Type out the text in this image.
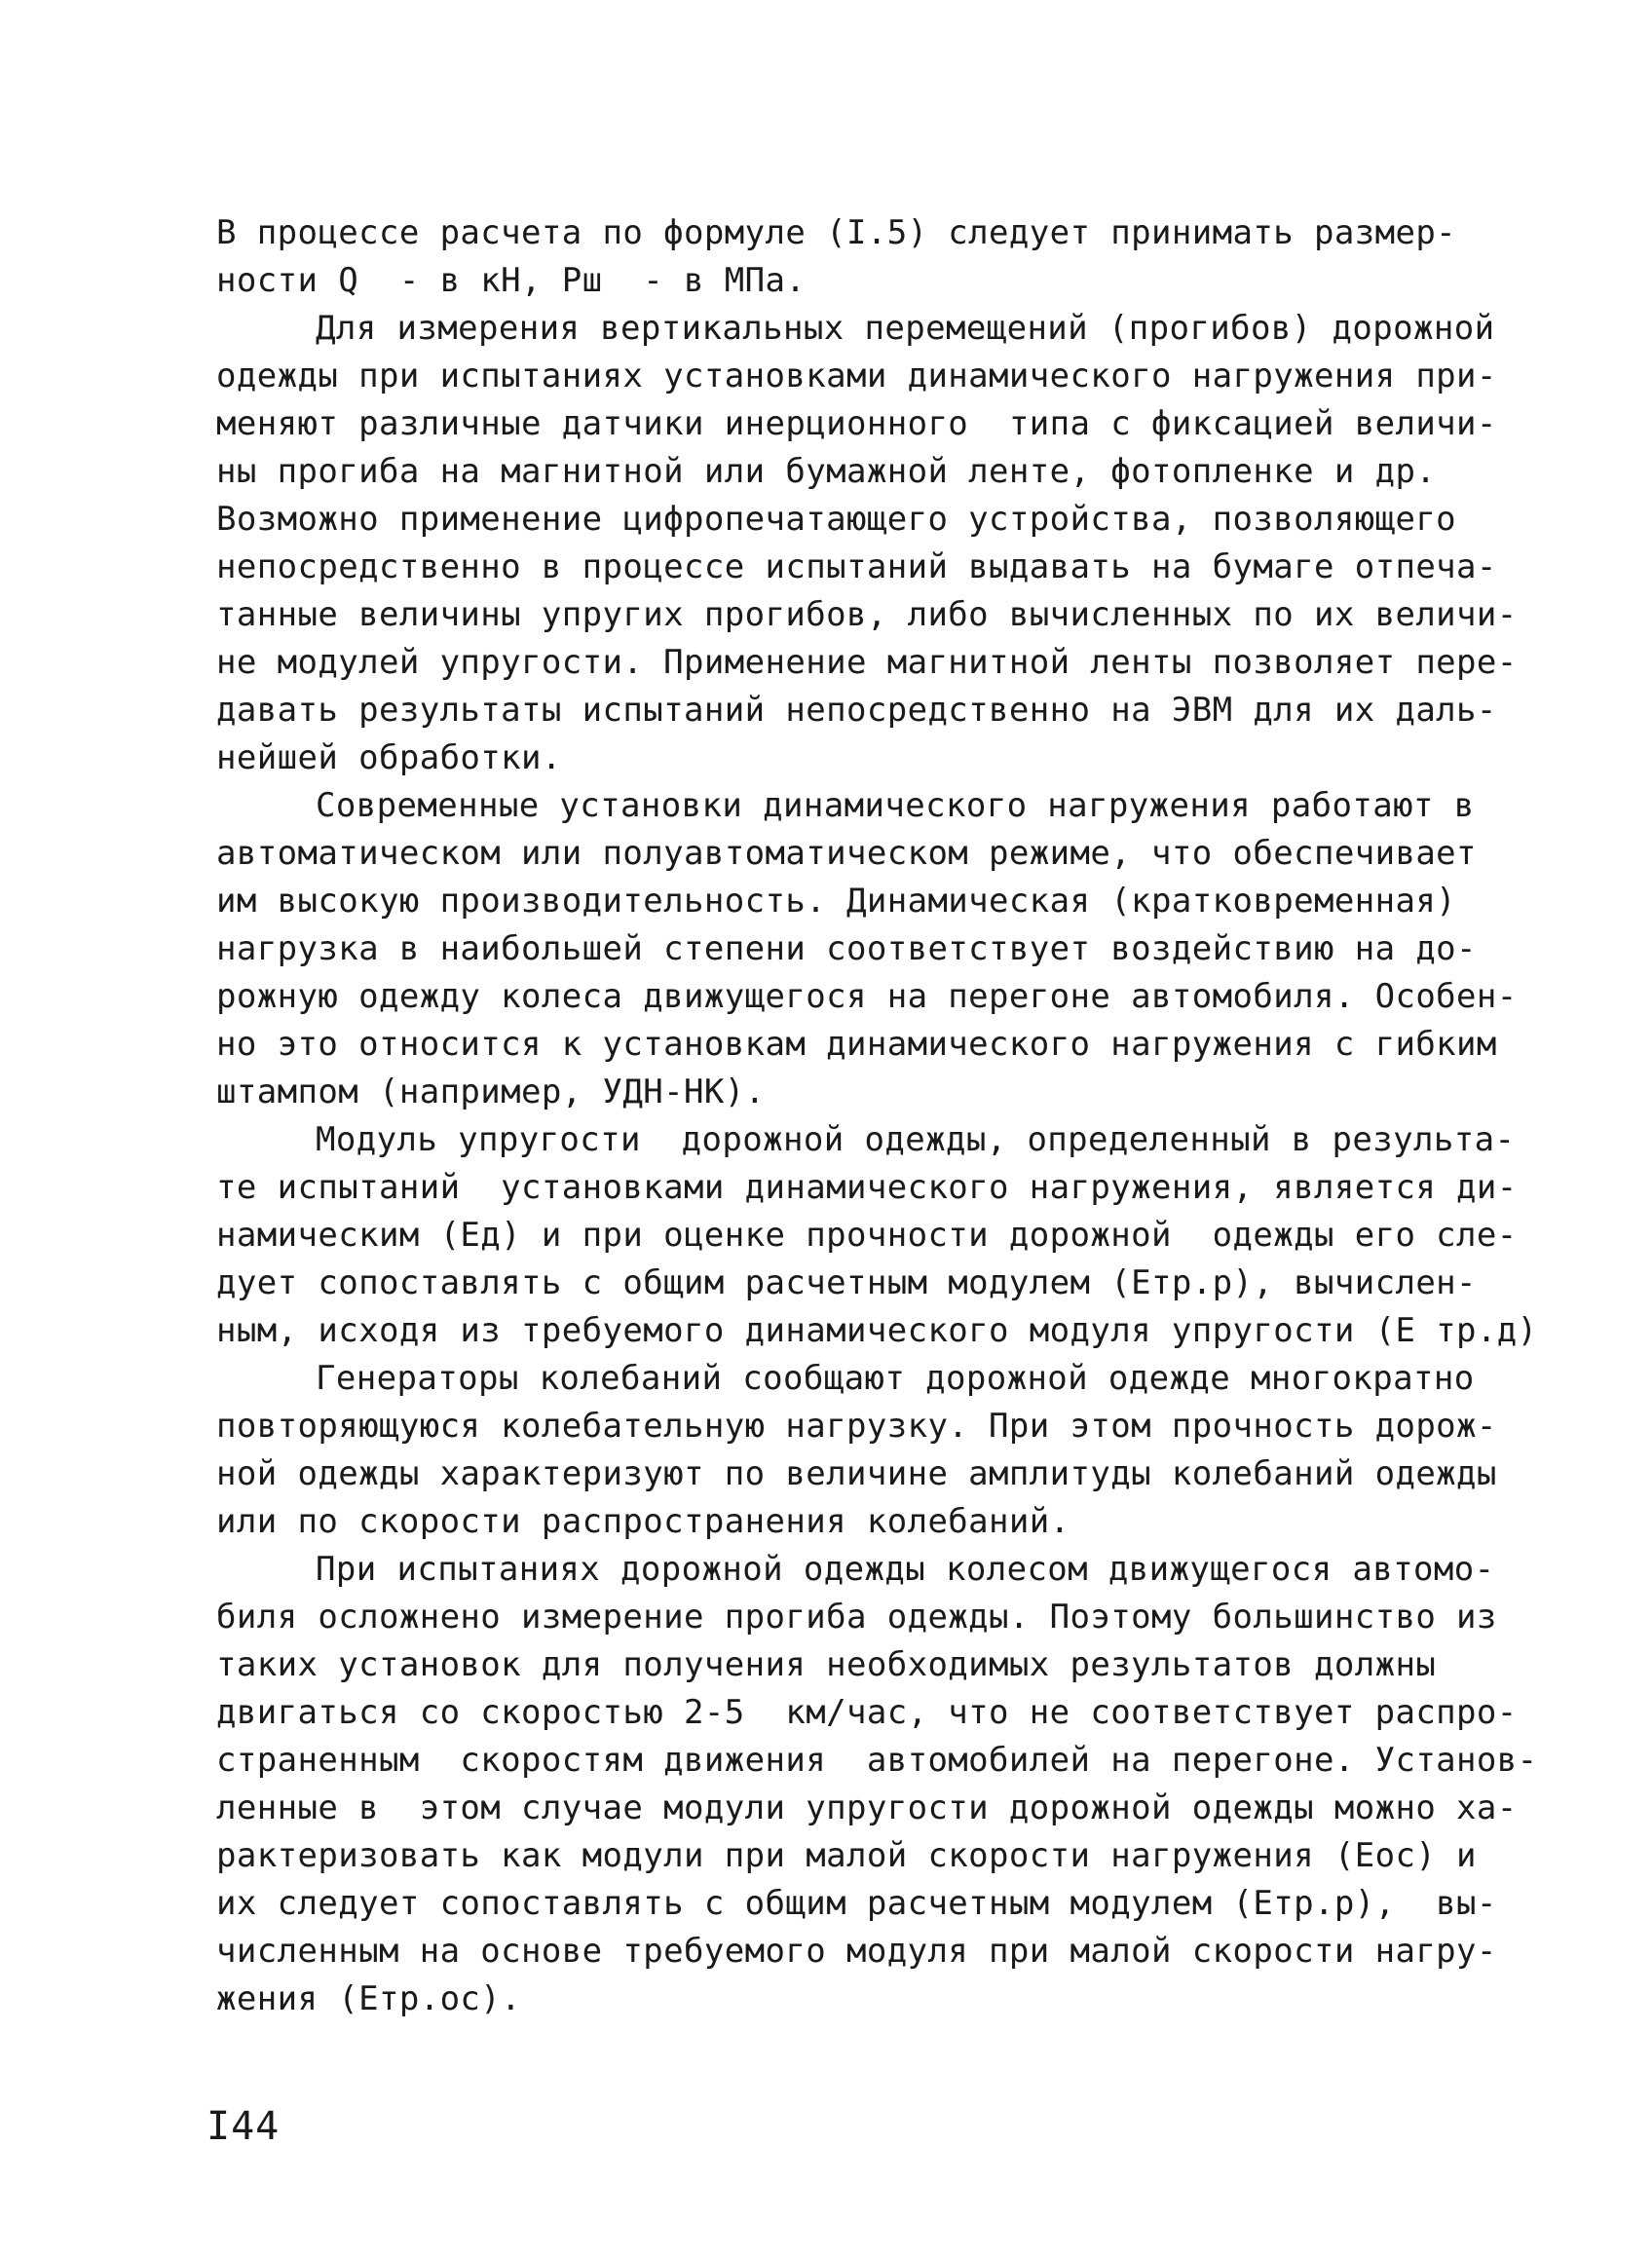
В процессе расчета по формуле (I.5) следует принимать размер-
ности Q  - в кН, Рш  - в МПа.
Для измерения вертикальных перемещений (прогибов) дорожной
одежды при испытаниях установками динамического нагружения при-
меняют различные датчики инерционного  типа с фиксацией величи-
ны прогиба на магнитной или бумажной ленте, фотопленке и др.
Возможно применение цифропечатающего устройства, позволяющего
непосредственно в процессе испытаний выдавать на бумаге отпеча-
танные величины упругих прогибов, либо вычисленных по их величи-
не модулей упругости. Применение магнитной ленты позволяет пере-
давать результаты испытаний непосредственно на ЭВМ для их даль-
нейшей обработки.
Современные установки динамического нагружения работают в
автоматическом или полуавтоматическом режиме, что обеспечивает
им высокую производительность. Динамическая (кратковременная)
нагрузка в наибольшей степени соответствует воздействию на до-
рожную одежду колеса движущегося на перегоне автомобиля. Особен-
но это относится к установкам динамического нагружения с гибким
штампом (например, УДН-НК).
Модуль упругости  дорожной одежды, определенный в результа-
те испытаний  установками динамического нагружения, является ди-
намическим (Ед) и при оценке прочности дорожной  одежды его сле-
дует сопоставлять с общим расчетным модулем (Етр.р), вычислен-
ным, исходя из требуемого динамического модуля упругости (Е тр.д)
Генераторы колебаний сообщают дорожной одежде многократно
повторяющуюся колебательную нагрузку. При этом прочность дорож-
ной одежды характеризуют по величине амплитуды колебаний одежды
или по скорости распространения колебаний.
При испытаниях дорожной одежды колесом движущегося автомо-
биля осложнено измерение прогиба одежды. Поэтому большинство из
таких установок для получения необходимых результатов должны
двигаться со скоростью 2-5  км/час, что не соответствует распро-
страненным  скоростям движения  автомобилей на перегоне. Установ-
ленные в  этом случае модули упругости дорожной одежды можно ха-
рактеризовать как модули при малой скорости нагружения (Еос) и
их следует сопоставлять с общим расчетным модулем (Етр.р),  вы-
численным на основе требуемого модуля при малой скорости нагру-
жения (Етр.ос).
I44
